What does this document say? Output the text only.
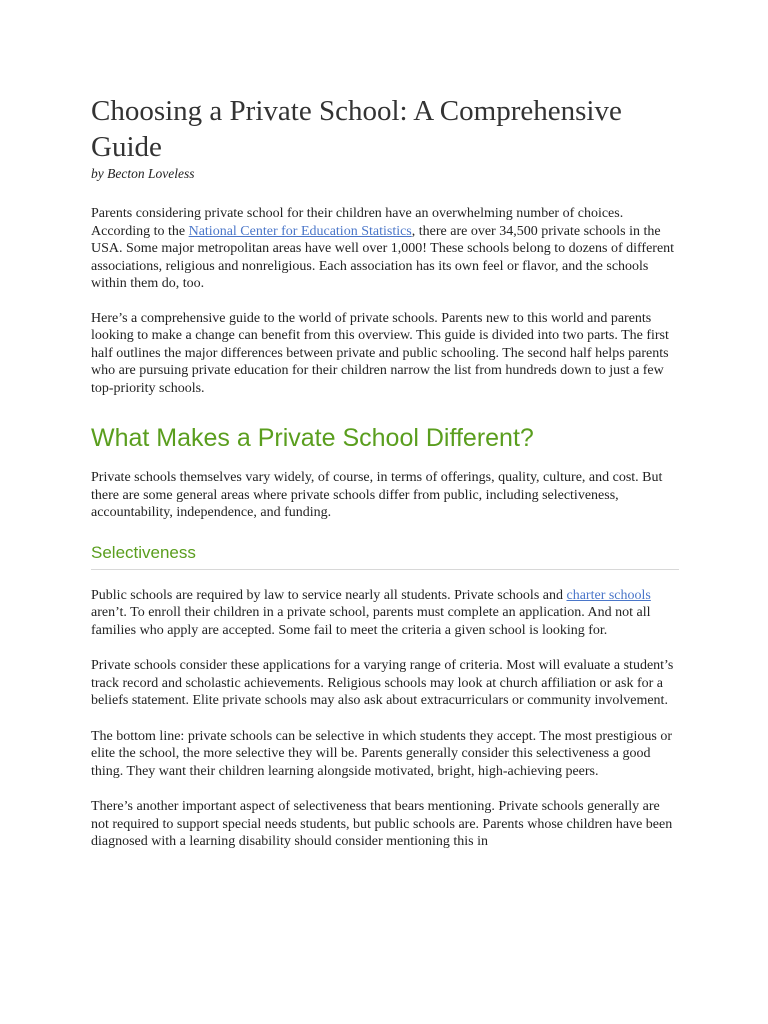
Choosing a Private School: A Comprehensive Guide

by Becton Loveless

Parents considering private school for their children have an overwhelming number of choices. According to the National Center for Education Statistics, there are over 34,500 private schools in the USA. Some major metropolitan areas have well over 1,000! These schools belong to dozens of different associations, religious and nonreligious. Each association has its own feel or flavor, and the schools within them do, too.

Here’s a comprehensive guide to the world of private schools. Parents new to this world and parents looking to make a change can benefit from this overview. This guide is divided into two parts. The first half outlines the major differences between private and public schooling. The second half helps parents who are pursuing private education for their children narrow the list from hundreds down to just a few top-priority schools.

What Makes a Private School Different?

Private schools themselves vary widely, of course, in terms of offerings, quality, culture, and cost. But there are some general areas where private schools differ from public, including selectiveness, accountability, independence, and funding.

Selectiveness

Public schools are required by law to service nearly all students. Private schools and charter schools aren’t. To enroll their children in a private school, parents must complete an application. And not all families who apply are accepted. Some fail to meet the criteria a given school is looking for.

Private schools consider these applications for a varying range of criteria. Most will evaluate a student’s track record and scholastic achievements. Religious schools may look at church affiliation or ask for a beliefs statement. Elite private schools may also ask about extracurriculars or community involvement.

The bottom line: private schools can be selective in which students they accept. The most prestigious or elite the school, the more selective they will be. Parents generally consider this selectiveness a good thing. They want their children learning alongside motivated, bright, high-achieving peers.

There’s another important aspect of selectiveness that bears mentioning. Private schools generally are not required to support special needs students, but public schools are. Parents whose children have been diagnosed with a learning disability should consider mentioning this in
